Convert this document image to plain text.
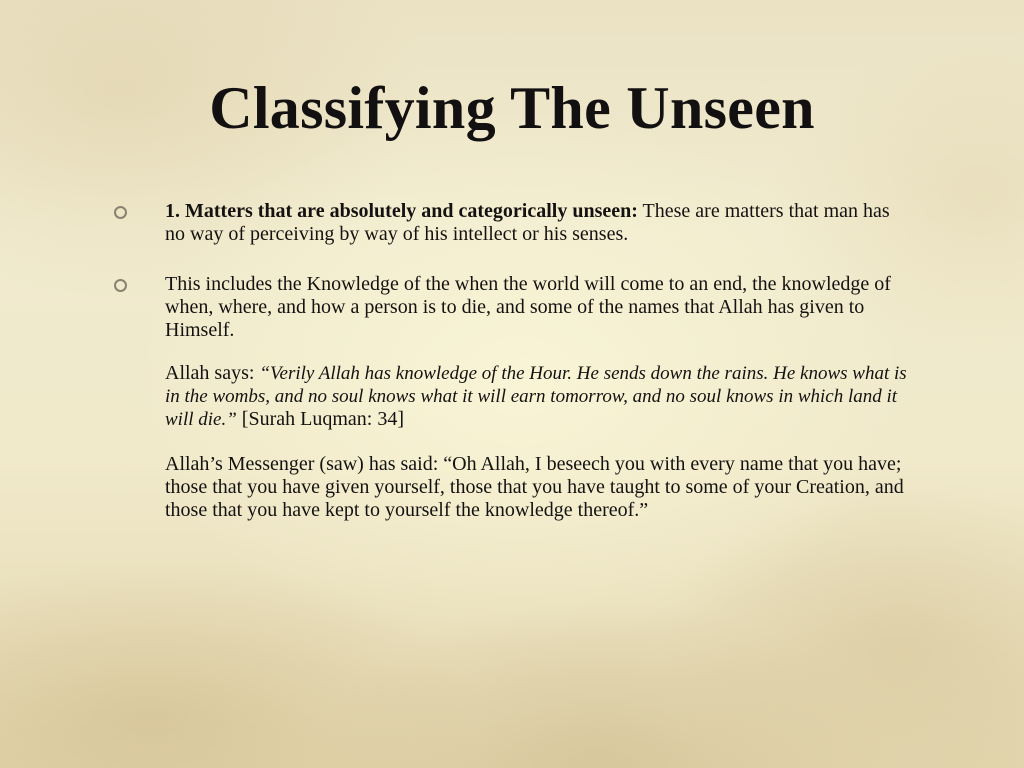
Classifying The Unseen
1. Matters that are absolutely and categorically unseen: These are matters that man has no way of perceiving by way of his intellect or his senses.
This includes the Knowledge of the when the world will come to an end, the knowledge of when, where, and how a person is to die, and some of the names that Allah has given to Himself.
Allah says: “Verily Allah has knowledge of the Hour. He sends down the rains. He knows what is in the wombs, and no soul knows what it will earn tomorrow, and no soul knows in which land it will die.” [Surah Luqman: 34]
Allah’s Messenger (saw) has said: “Oh Allah, I beseech you with every name that you have; those that you have given yourself, those that you have taught to some of your Creation, and those that you have kept to yourself the knowledge thereof.”
